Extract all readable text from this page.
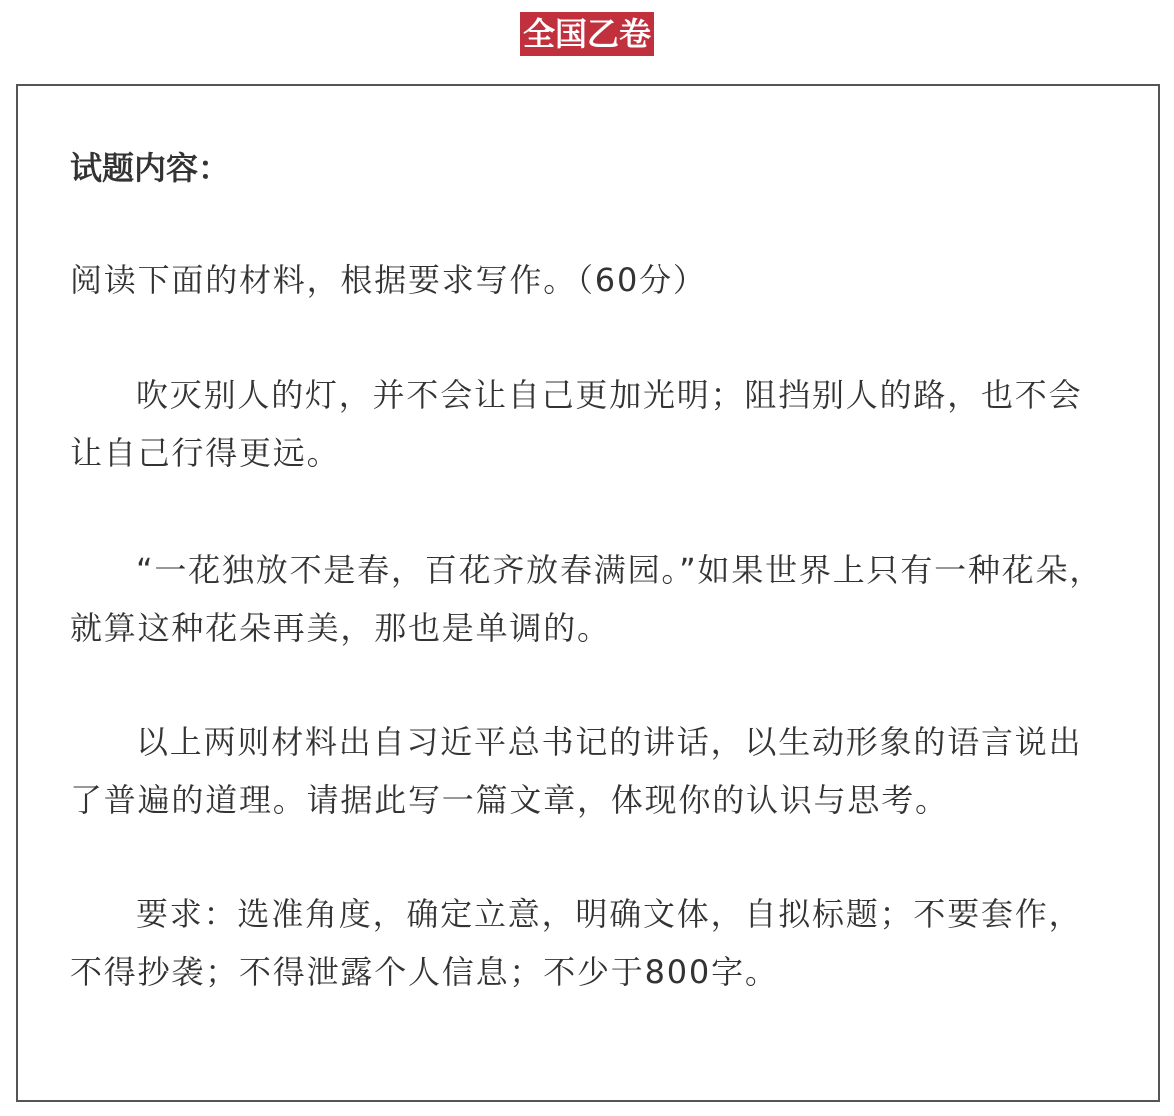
全国乙卷
试题内容：
阅读下面的材料，根据要求写作。（60分）
吹灭别人的灯，并不会让自己更加光明；阻挡别人的路，也不会让自己行得更远。
“一花独放不是春，百花齐放春满园。”如果世界上只有一种花朵，就算这种花朵再美，那也是单调的。
以上两则材料出自习近平总书记的讲话，以生动形象的语言说出了普遍的道理。请据此写一篇文章，体现你的认识与思考。
要求：选准角度，确定立意，明确文体，自拟标题；不要套作，不得抄袭；不得泄露个人信息；不少于800字。
